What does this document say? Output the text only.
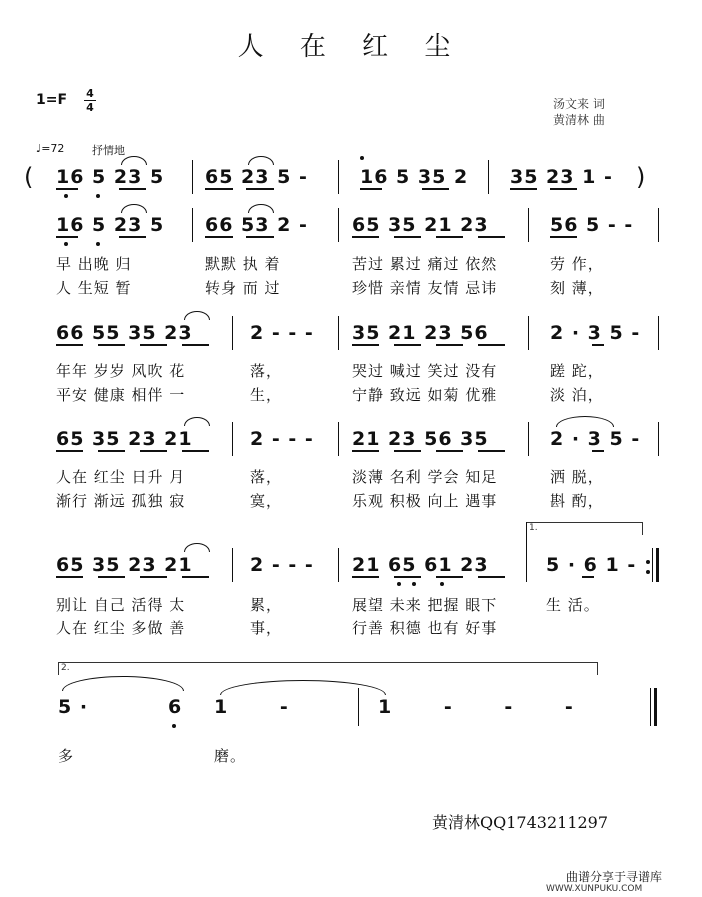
人 在 红 尘
1=F 4
4	汤文来 词
黄清林 曲
♩=72	抒情地
( 16 5 23 5 65 23 5 -	16 5 35 2 35 23 1 - )
16 5 23 5 66 53 2 - 65 35 21 23	56 5 - -
早 出晚 归	默默 执 着	苦过 累过 痛过 依然	劳 作，
人 生短 暂	转身 而 过	珍惜 亲情 友情 忌讳	刻 薄，
66 55 35 23	2 - - - 35 21 23 56	2 · 3 5 -
年年 岁岁 风吹 花	落，	哭过 喊过 笑过 没有	蹉 跎，
平安 健康 相伴 一	生，	宁静 致远 如菊 优雅	淡 泊，
65 35 23 21	2 - - - 21 23 56 35	2 · 3 5 -
人在 红尘 日升 月	落，	淡薄 名利 学会 知足	洒 脱，
渐行 渐远 孤独 寂	寞，	乐观 积极 向上 遇事	斟 酌，
1.
65 35 23 21	2 - - - 21 65 61 23	5 · 6 1 -
别让 自己 活得 太	累，	展望 未来 把握 眼下	生 活。
人在 红尘 多做 善	事，	行善 积德 也有 好事
2.
5 ·	6 1 -	1 - - -
多	磨。
黄清林QQ1743211297
曲谱分享于寻谱库
WWW.XUNPUKU.COM
